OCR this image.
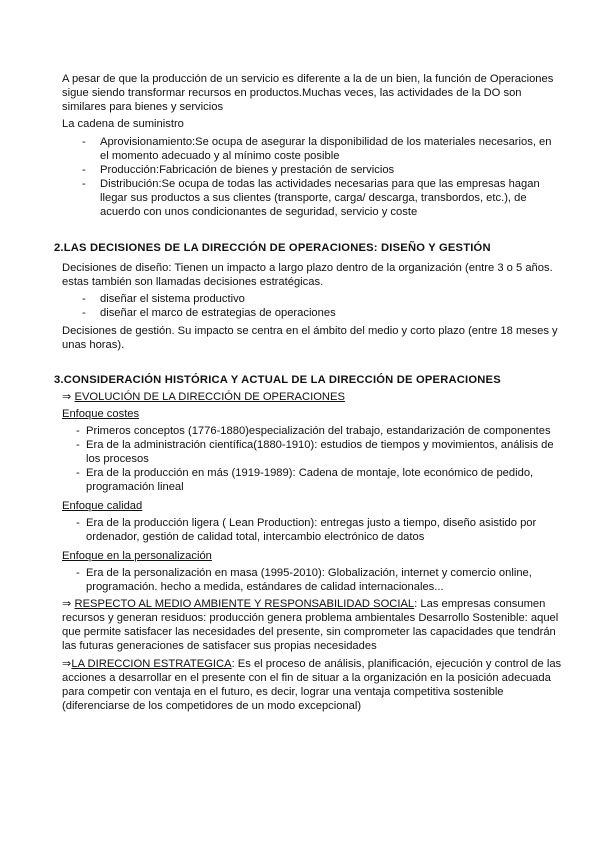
A pesar de que la producción de un servicio es diferente a la de un bien, la función de Operaciones sigue siendo transformar recursos en productos.Muchas veces, las actividades de la DO son similares para bienes y servicios

La cadena de suministro

- Aprovisionamiento:Se ocupa de asegurar la disponibilidad de los materiales necesarios, en el momento adecuado y al mínimo coste posible

- Producción:Fabricación de bienes y prestación de servicios

- Distribución:Se ocupa de todas las actividades necesarias para que las empresas hagan llegar sus productos a sus clientes (transporte, carga/ descarga, transbordos, etc.), de acuerdo con unos condicionantes de seguridad, servicio y coste

2.LAS DECISIONES DE LA DIRECCIÓN DE OPERACIONES: DISEÑO Y GESTIÓN

Decisiones de diseño: Tienen un impacto a largo plazo dentro de la organización (entre 3 o 5 años. estas también son llamadas decisiones estratégicas.

- diseñar el sistema productivo

- diseñar el marco de estrategias de operaciones

Decisiones de gestión. Su impacto se centra en el ámbito del medio y corto plazo (entre 18 meses y unas horas).

3.CONSIDERACIÓN HISTÓRICA Y ACTUAL DE LA DIRECCIÓN DE OPERACIONES

⇒ EVOLUCIÓN DE LA DIRECCIÓN DE OPERACIONES

Enfoque costes

- Primeros conceptos (1776-1880)especialización del trabajo, estandarización de componentes

- Era de la administración científica(1880-1910): estudios de tiempos y movimientos, análisis de los procesos

- Era de la producción en más (1919-1989): Cadena de montaje, lote económico de pedido, programación lineal

Enfoque calidad

- Era de la producción ligera ( Lean Production): entregas justo a tiempo, diseño asistido por ordenador, gestión de calidad total, intercambio electrónico de datos

Enfoque en la personalización

- Era de la personalización en masa (1995-2010): Globalización, internet y comercio online, programación. hecho a medida, estándares de calidad internacionales...

⇒ RESPECTO AL MEDIO AMBIENTE Y RESPONSABILIDAD SOCIAL: Las empresas consumen recursos y generan residuos: producción genera problema ambientales Desarrollo Sostenible: aquel que permite satisfacer las necesidades del presente, sin comprometer las capacidades que tendrán las futuras generaciones de satisfacer sus propias necesidades

⇒LA DIRECCION ESTRATEGICA: Es el proceso de análisis, planificación, ejecución y control de las acciones a desarrollar en el presente con el fin de situar a la organización en la posición adecuada para competir con ventaja en el futuro, es decir, lograr una ventaja competitiva sostenible (diferenciarse de los competidores de un modo excepcional)
